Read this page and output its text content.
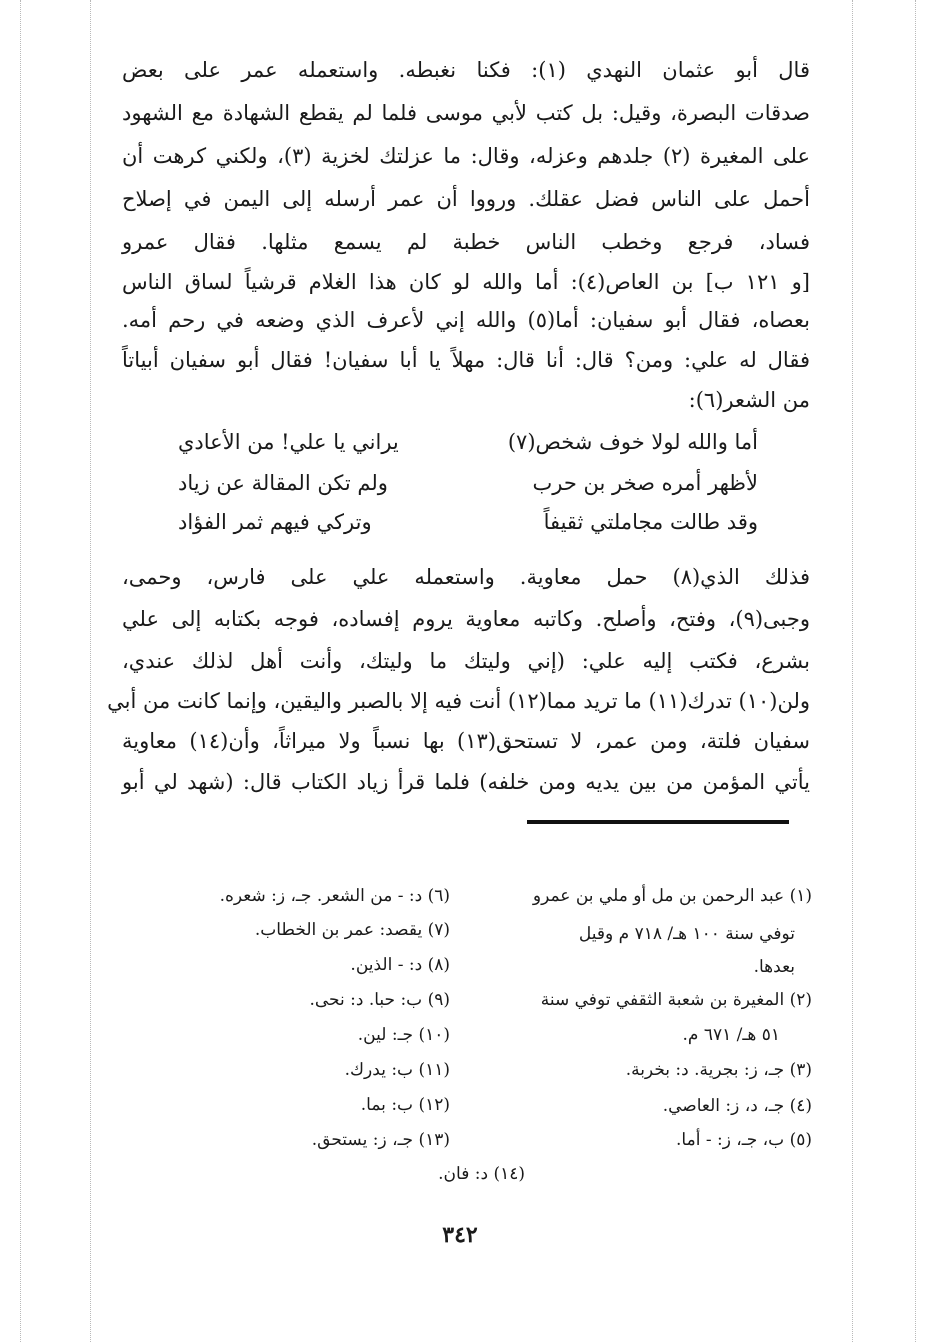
قال أبو عثمان النهدي (١): فكنا نغبطه. واستعمله عمر على بعض
صدقات البصرة، وقيل: بل كتب لأبي موسى فلما لم يقطع الشهادة مع الشهود
على المغيرة (٢) جلدهم وعزله، وقال: ما عزلتك لخزية (٣)، ولكني كرهت أن
أحمل على الناس فضل عقلك. ورووا أن عمر أرسله إلى اليمن في إصلاح
فساد، فرجع وخطب الناس خطبة لم يسمع مثلها. فقال عمرو
[و ١٢١ ب] بن العاص(٤): أما والله لو كان هذا الغلام قرشياً لساق الناس
بعصاه، فقال أبو سفيان: أما(٥) والله إني لأعرف الذي وضعه في رحم أمه.
فقال له علي: ومن؟ قال: أنا قال: مهلاً يا أبا سفيان! فقال أبو سفيان أبياتاً
من الشعر(٦):
أما والله لولا خوف شخص(٧)
يراني يا علي! من الأعادي
لأظهر أمره صخر بن حرب
ولم تكن المقالة عن زياد
وقد طالت مجاملتي ثقيفاً
وتركي فيهم ثمر الفؤاد
فذلك الذي(٨) حمل معاوية. واستعمله علي على فارس، وحمى،
وجبى(٩)، وفتح، وأصلح. وكاتبه معاوية يروم إفساده، فوجه بكتابه إلى علي
بشرع، فكتب إليه علي: (إني وليتك ما وليتك، وأنت أهل لذلك عندي،
ولن(١٠) تدرك(١١) ما تريد مما(١٢) أنت فيه إلا بالصبر واليقين، وإنما كانت من أبي
سفيان فلتة، ومن عمر، لا تستحق(١٣) بها نسباً ولا ميراثاً، وأن(١٤) معاوية
يأتي المؤمن من بين يديه ومن خلفه) فلما قرأ زياد الكتاب قال: (شهد لي أبو
(١) عبد الرحمن بن مل أو ملي بن عمرو
توفي سنة ١٠٠ هـ/ ٧١٨ م وقيل
بعدها.
(٢) المغيرة بن شعبة الثقفي توفي سنة
٥١ هـ/ ٦٧١ م.
(٣) جـ، ز: بجرية. د: بخربة.
(٤) جـ، د، ز: العاصي.
(٥) ب، جـ، ز: - أما.
(٦) د: - من الشعر. جـ، ز: شعره.
(٧) يقصد: عمر بن الخطاب.
(٨) د: - الذين.
(٩) ب: حبا. د: نحى.
(١٠) جـ: لين.
(١١) ب: يدرك.
(١٢) ب: بما.
(١٣) جـ، ز: يستحق.
(١٤) د: فان.
٣٤٢
